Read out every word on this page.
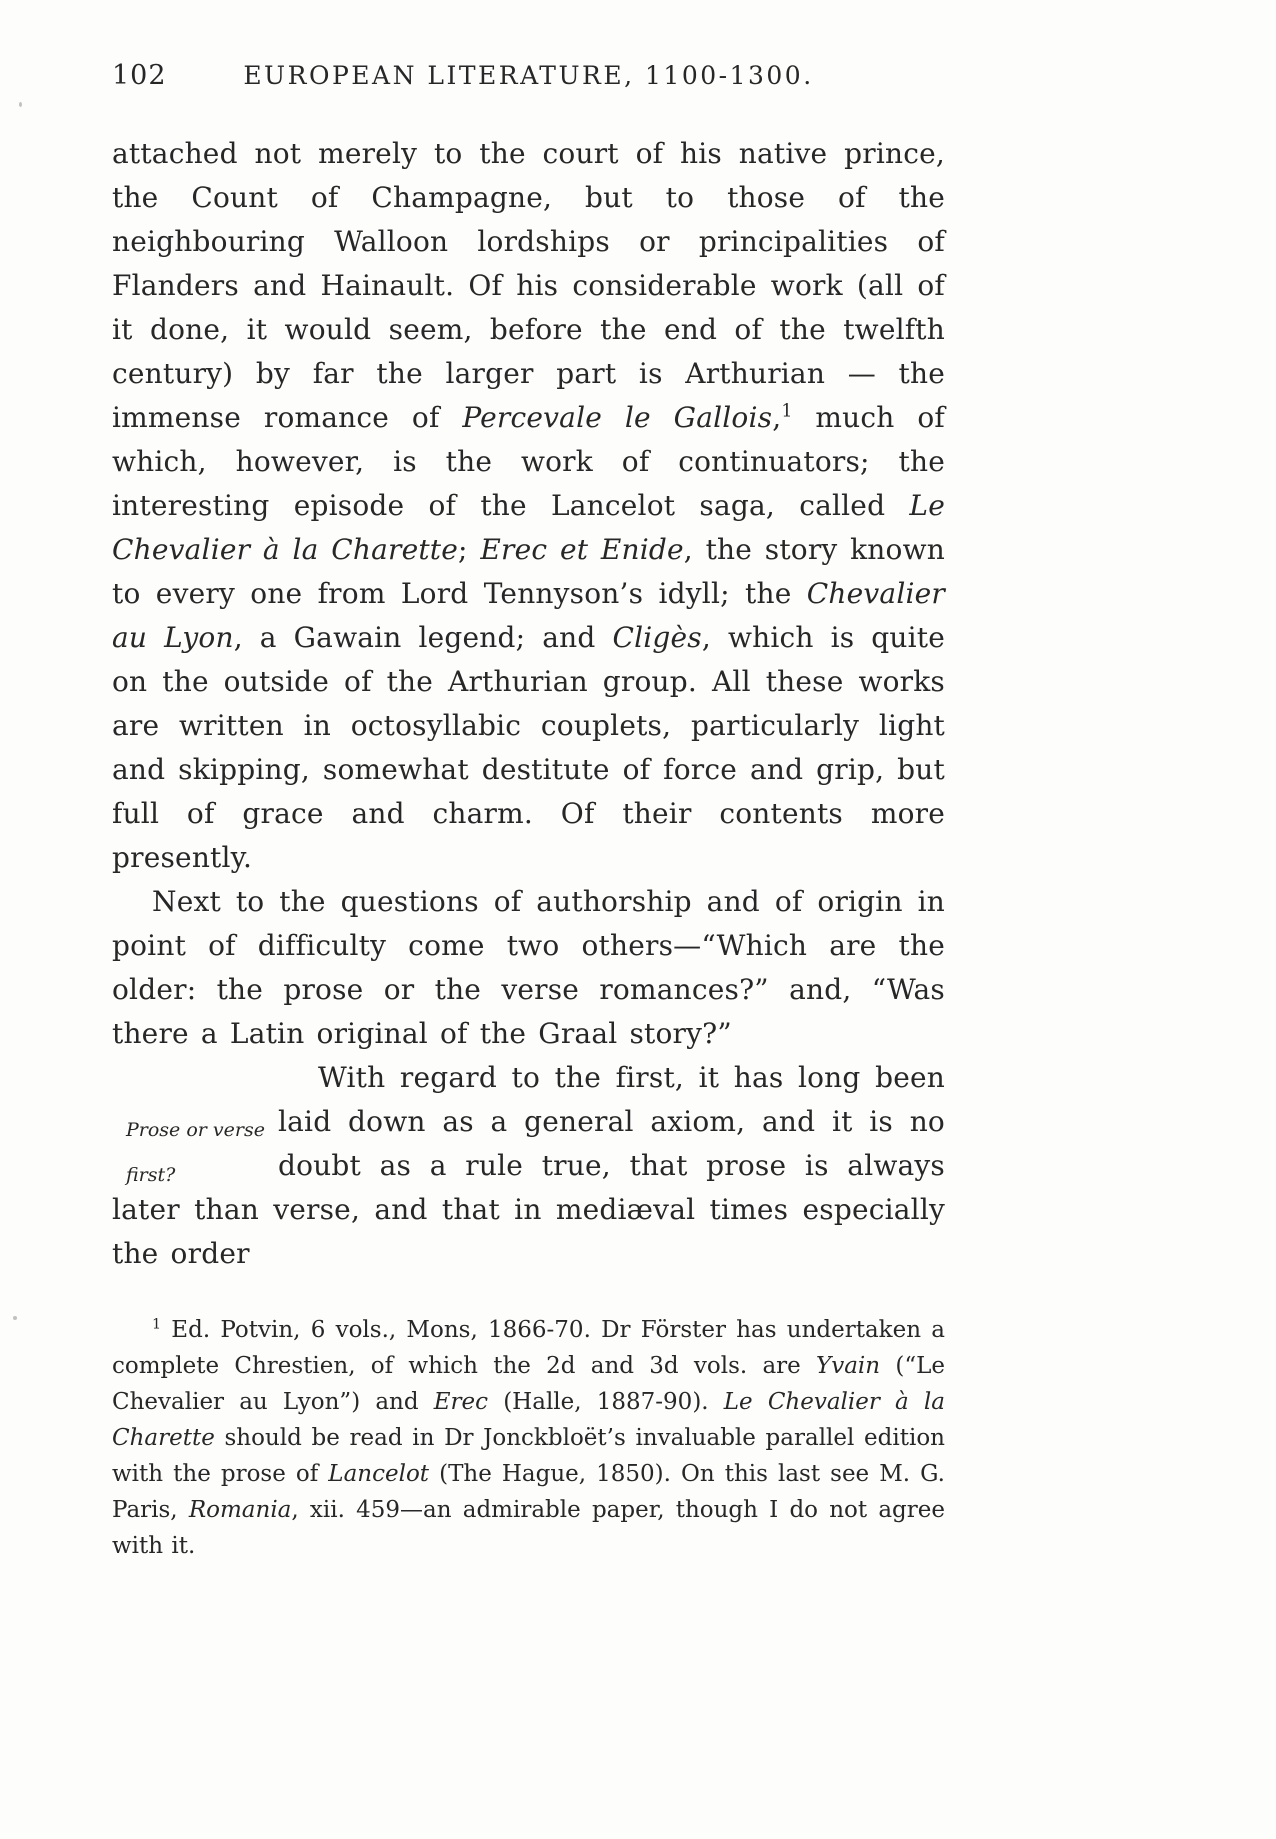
102	EUROPEAN LITERATURE, 1100-1300.

attached not merely to the court of his native prince, the Count of Champagne, but to those of the neighbouring Walloon lordships or principalities of Flanders and Hainault. Of his considerable work (all of it done, it would seem, before the end of the twelfth century) by far the larger part is Arthurian — the immense romance of Percevale le Gallois,$^1$ much of which, however, is the work of continuators; the interesting episode of the Lancelot saga, called Le Chevalier à la Charette; Erec et Enide, the story known to every one from Lord Tennyson’s idyll; the Chevalier au Lyon, a Gawain legend; and Cligès, which is quite on the outside of the Arthurian group. All these works are written in octosyllabic couplets, particularly light and skipping, somewhat destitute of force and grip, but full of grace and charm. Of their contents more presently.

Next to the questions of authorship and of origin in point of difficulty come two others—“Which are the older: the prose or the verse romances?” and, “Was there a Latin original of the Graal story?”

Prose or verse
first?
With regard to the first, it has long been laid down as a general axiom, and it is no doubt as a rule true, that prose is always later than verse, and that in mediæval times especially the order

$^1$ Ed. Potvin, 6 vols., Mons, 1866-70. Dr Förster has undertaken a complete Chrestien, of which the 2d and 3d vols. are Yvain (“Le Chevalier au Lyon”) and Erec (Halle, 1887-90). Le Chevalier à la Charette should be read in Dr Jonckbloët’s invaluable parallel edition with the prose of Lancelot (The Hague, 1850). On this last see M. G. Paris, Romania, xii. 459—an admirable paper, though I do not agree with it.
